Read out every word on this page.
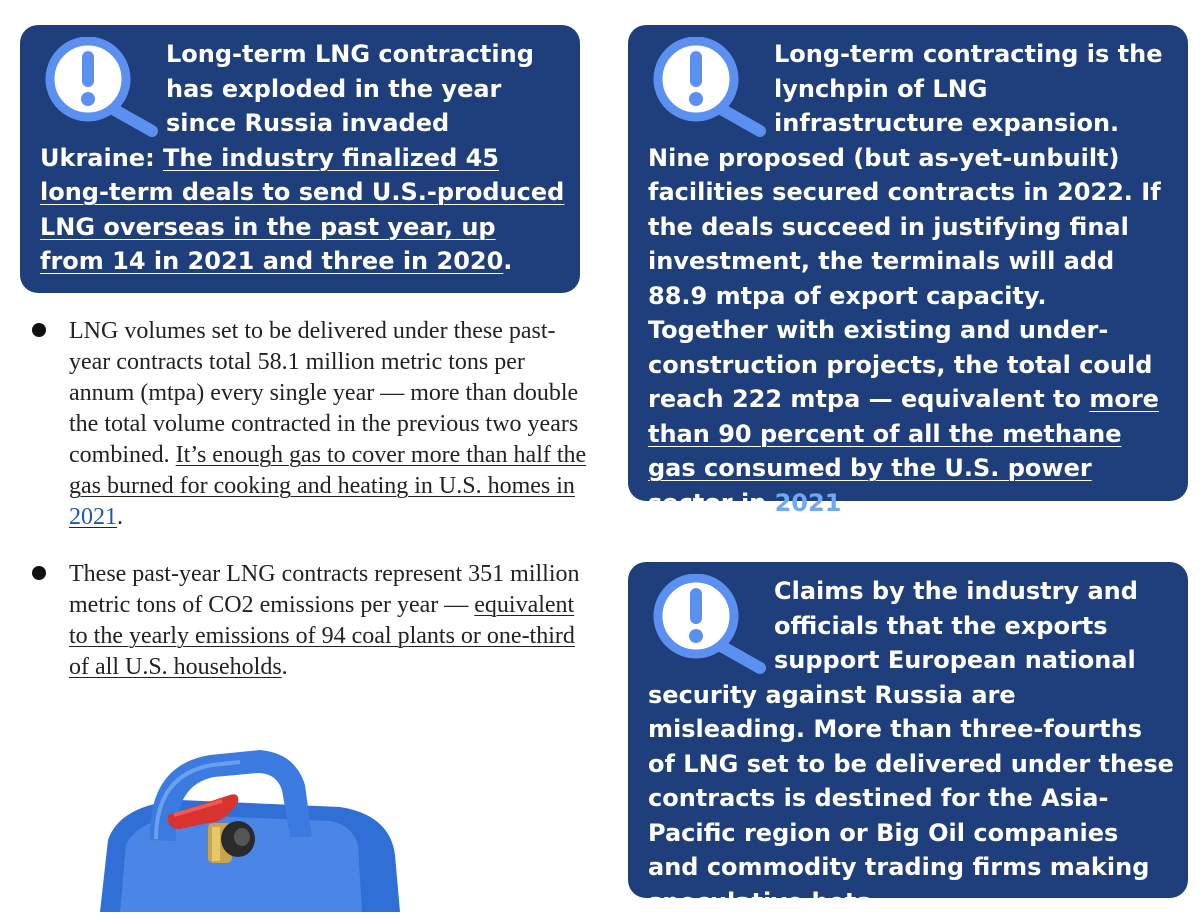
Long-term LNG contracting has exploded in the year since Russia invaded Ukraine: The industry finalized 45 long-term deals to send U.S.-produced LNG overseas in the past year, up from 14 in 2021 and three in 2020.
Long-term contracting is the lynchpin of LNG infrastructure expansion. Nine proposed (but as-yet-unbuilt) facilities secured contracts in 2022. If the deals succeed in justifying final investment, the terminals will add 88.9 mtpa of export capacity. Together with existing and under-construction projects, the total could reach 222 mtpa — equivalent to more than 90 percent of all the methane gas consumed by the U.S. power sector in 2021.
Claims by the industry and officials that the exports support European national security against Russia are misleading. More than three-fourths of LNG set to be delivered under these contracts is destined for the Asia-Pacific region or Big Oil companies and commodity trading firms making speculative bets.
LNG volumes set to be delivered under these past-year contracts total 58.1 million metric tons per annum (mtpa) every single year — more than double the total volume contracted in the previous two years combined. It’s enough gas to cover more than half the gas burned for cooking and heating in U.S. homes in 2021.
These past-year LNG contracts represent 351 million metric tons of CO2 emissions per year — equivalent to the yearly emissions of 94 coal plants or one-third of all U.S. households.
